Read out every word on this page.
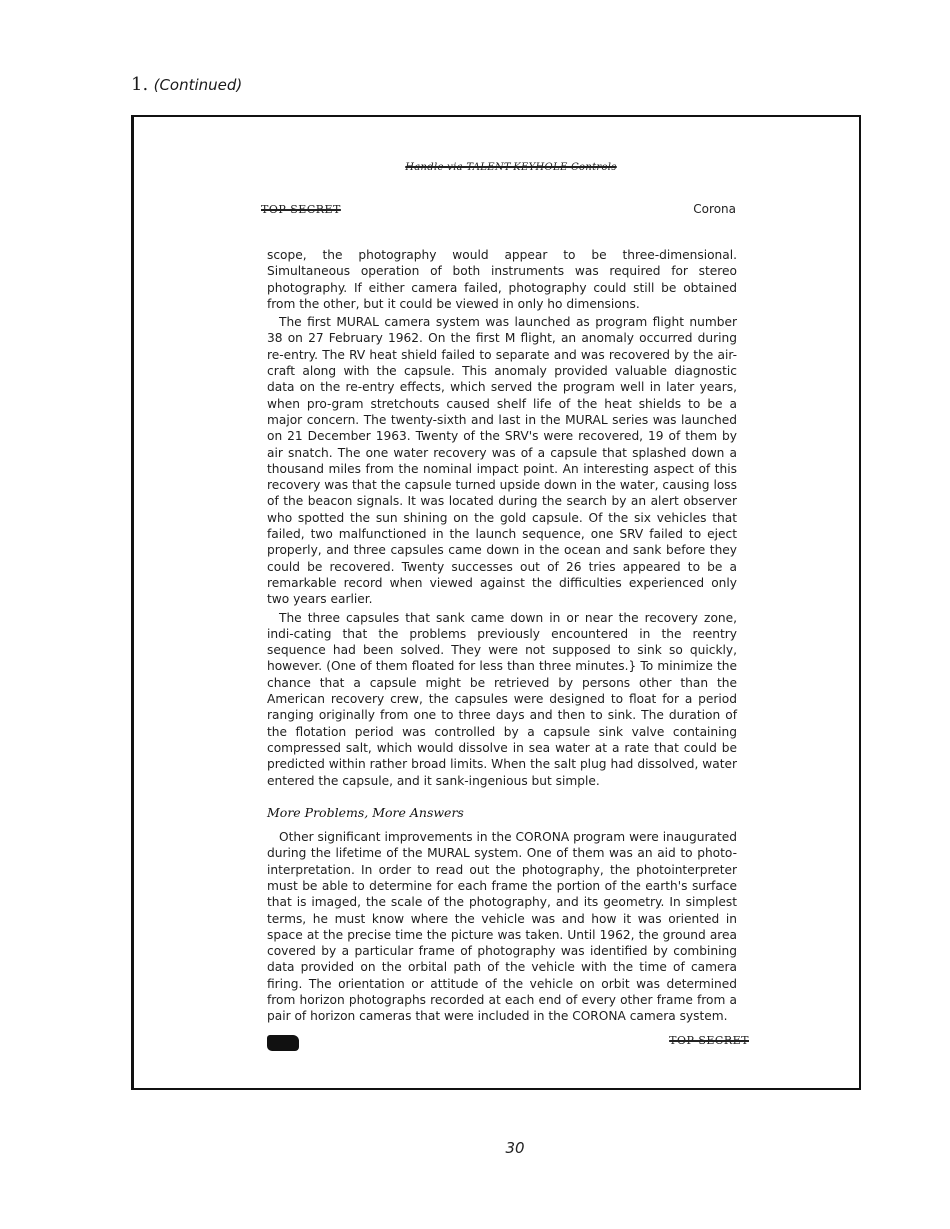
1. (Continued)
Handle via TALENT-KEYHOLE Controls
TOP SECRET	Corona

scope, the photography would appear to be three-dimensional. Simultaneous operation of both instruments was required for stereo photography. If either camera failed, photography could still be obtained from the other, but it could be viewed in only ho dimensions.

The first MURAL camera system was launched as program flight number 38 on 27 February 1962. On the first M flight, an anomaly occurred during re-entry. The RV heat shield failed to separate and was recovered by the air-craft along with the capsule. This anomaly provided valuable diagnostic data on the re-entry effects, which served the program well in later years, when pro-gram stretchouts caused shelf life of the heat shields to be a major concern. The twenty-sixth and last in the MURAL series was launched on 21 December 1963. Twenty of the SRV's were recovered, 19 of them by air snatch. The one water recovery was of a capsule that splashed down a thousand miles from the nominal impact point. An interesting aspect of this recovery was that the capsule turned upside down in the water, causing loss of the beacon signals. It was located during the search by an alert observer who spotted the sun shining on the gold capsule. Of the six vehicles that failed, two malfunctioned in the launch sequence, one SRV failed to eject properly, and three capsules came down in the ocean and sank before they could be recovered. Twenty successes out of 26 tries appeared to be a remarkable record when viewed against the difficulties experienced only two years earlier.

The three capsules that sank came down in or near the recovery zone, indi-cating that the problems previously encountered in the reentry sequence had been solved. They were not supposed to sink so quickly, however. (One of them floated for less than three minutes.} To minimize the chance that a capsule might be retrieved by persons other than the American recovery crew, the capsules were designed to float for a period ranging originally from one to three days and then to sink. The duration of the flotation period was controlled by a capsule sink valve containing compressed salt, which would dissolve in sea water at a rate that could be predicted within rather broad limits. When the salt plug had dissolved, water entered the capsule, and it sank-ingenious but simple.

More Problems, More Answers

Other significant improvements in the CORONA program were inaugurated during the lifetime of the MURAL system. One of them was an aid to photo-interpretation. In order to read out the photography, the photointerpreter must be able to determine for each frame the portion of the earth's surface that is imaged, the scale of the photography, and its geometry. In simplest terms, he must know where the vehicle was and how it was oriented in space at the precise time the picture was taken. Until 1962, the ground area covered by a particular frame of photography was identified by combining data provided on the orbital path of the vehicle with the time of camera firing. The orientation or attitude of the vehicle on orbit was determined from horizon photographs recorded at each end of every other frame from a pair of horizon cameras that were included in the CORONA camera system.

TOP SECRET
30
